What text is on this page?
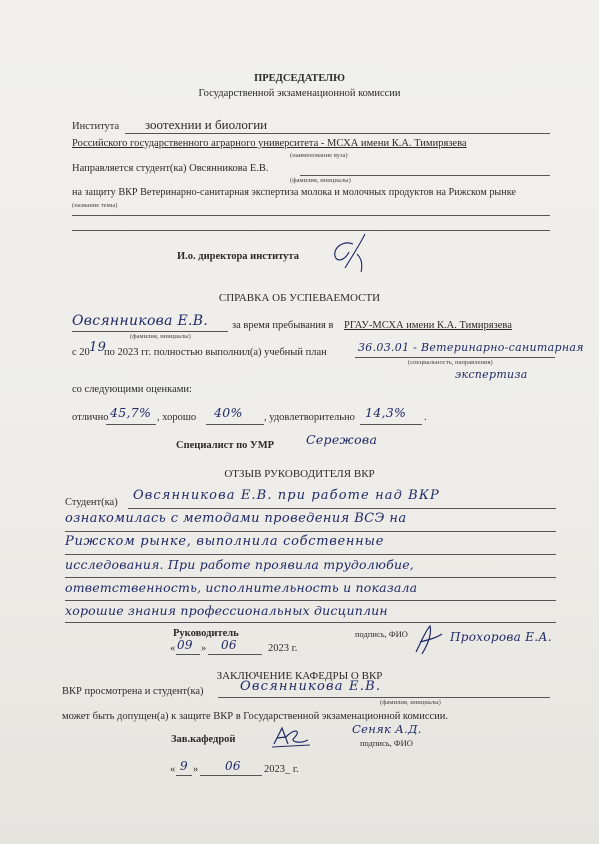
ПРЕДСЕДАТЕЛЮ
Государственной экзаменационной комиссии
Института зоотехнии и биологии
Российского государственного аграрного университета - МСХА имени К.А. Тимирязева
(наименование вуза)
Направляется студент(ка) Овсянникова Е.В.
(фамилия, инициалы)
на защиту ВКР Ветеринарно-санитарная экспертиза молока и молочных продуктов на Рижском рынке
(название темы)
И.о. директора института
СПРАВКА ОБ УСПЕВАЕМОСТИ
Овсянникова Е.В. за время пребывания в РГАУ-МСХА имени К.А. Тимирязева
(фамилия, инициалы)
с 20 19
по 2023 гг. полностью выполнил(а) учебный план	36.03.01 - Ветеринарно-санитарная
(специальность, направления)
экспертиза
со следующими оценками:
отлично 45,7% , хорошо 40% , удовлетворительно 14,3% .
Специалист по УМР	Сережова
ОТЗЫВ РУКОВОДИТЕЛЯ ВКР
Студент(ка) Овсянникова Е.В. при работе над ВКР
ознакомилась с методами проведения ВСЭ на
Рижском рынке, выполнила собственные
исследования. При работе проявила трудолюбие,
ответственность, исполнительность и показала
хорошие знания профессиональных дисциплин
Руководитель	подпись, ФИО	Прохорова Е.А.
« 09 » 06	2023 г.
ЗАКЛЮЧЕНИЕ КАФЕДРЫ О ВКР
ВКР просмотрена и студент(ка)	Овсянникова Е.В.
(фамилия, инициалы)
может быть допущен(а) к защите ВКР в Государственной экзаменационной комиссии.
Зав.кафедрой
Сеняк А.Д.
подпись, ФИО
« 9 » 06 2023_ г.
